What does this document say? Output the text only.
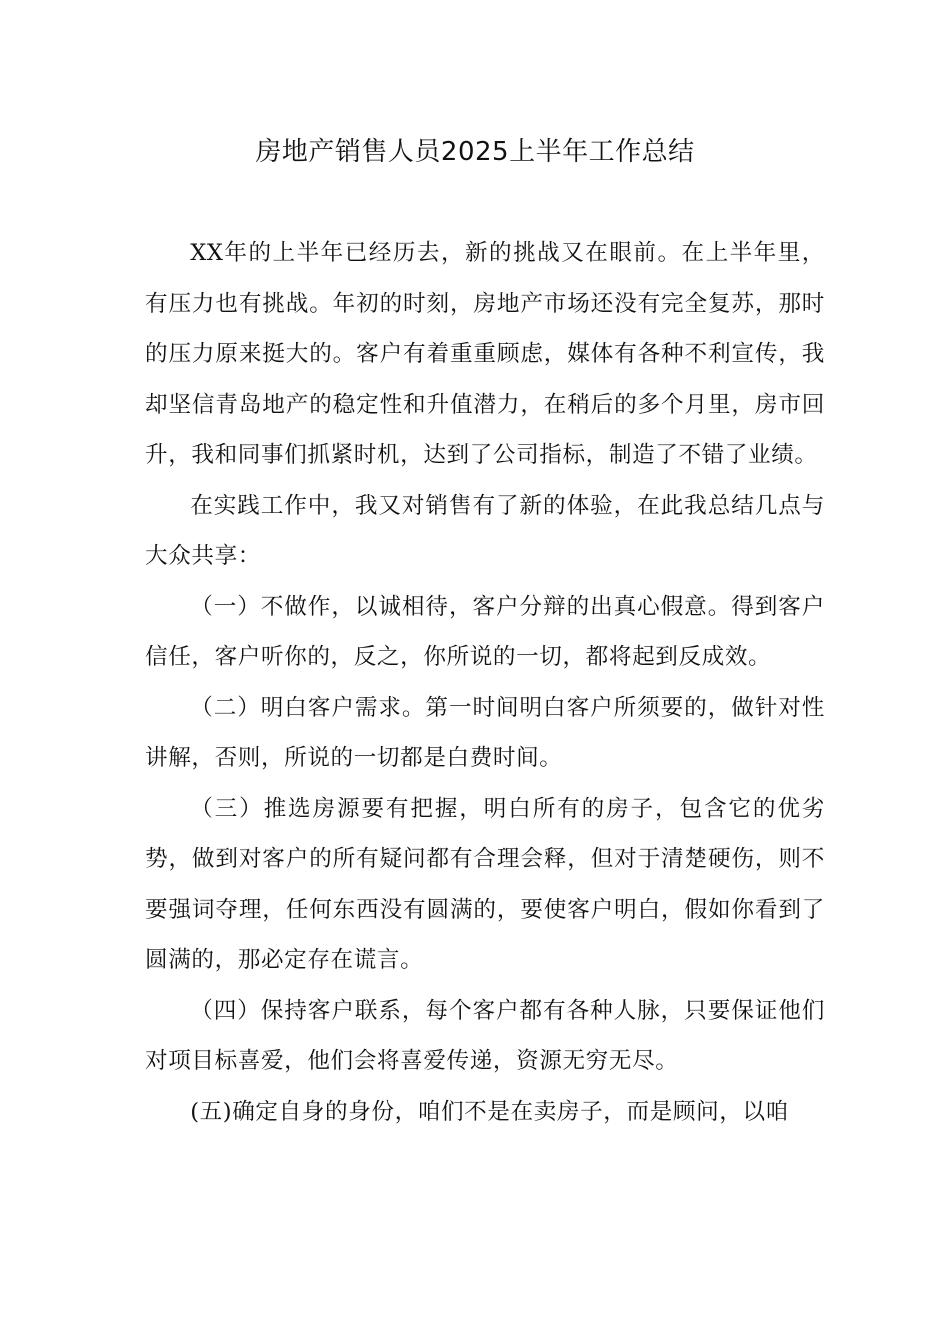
房地产销售人员2025上半年工作总结

XX年的上半年已经历去，新的挑战又在眼前。在上半年里，有压力也有挑战。年初的时刻，房地产市场还没有完全复苏，那时的压力原来挺大的。客户有着重重顾虑，媒体有各种不利宣传，我却坚信青岛地产的稳定性和升值潜力，在稍后的多个月里，房市回升，我和同事们抓紧时机，达到了公司指标，制造了不错了业绩。

在实践工作中，我又对销售有了新的体验，在此我总结几点与大众共享：

（一）不做作，以诚相待，客户分辩的出真心假意。得到客户信任，客户听你的，反之，你所说的一切，都将起到反成效。

（二）明白客户需求。第一时间明白客户所须要的，做针对性讲解，否则，所说的一切都是白费时间。

（三）推选房源要有把握，明白所有的房子，包含它的优劣势，做到对客户的所有疑问都有合理会释，但对于清楚硬伤，则不要强词夺理，任何东西没有圆满的，要使客户明白，假如你看到了圆满的，那必定存在谎言。

（四）保持客户联系，每个客户都有各种人脉，只要保证他们对项目标喜爱，他们会将喜爱传递，资源无穷无尽。

(五)确定自身的身份，咱们不是在卖房子，而是顾问，以咱
